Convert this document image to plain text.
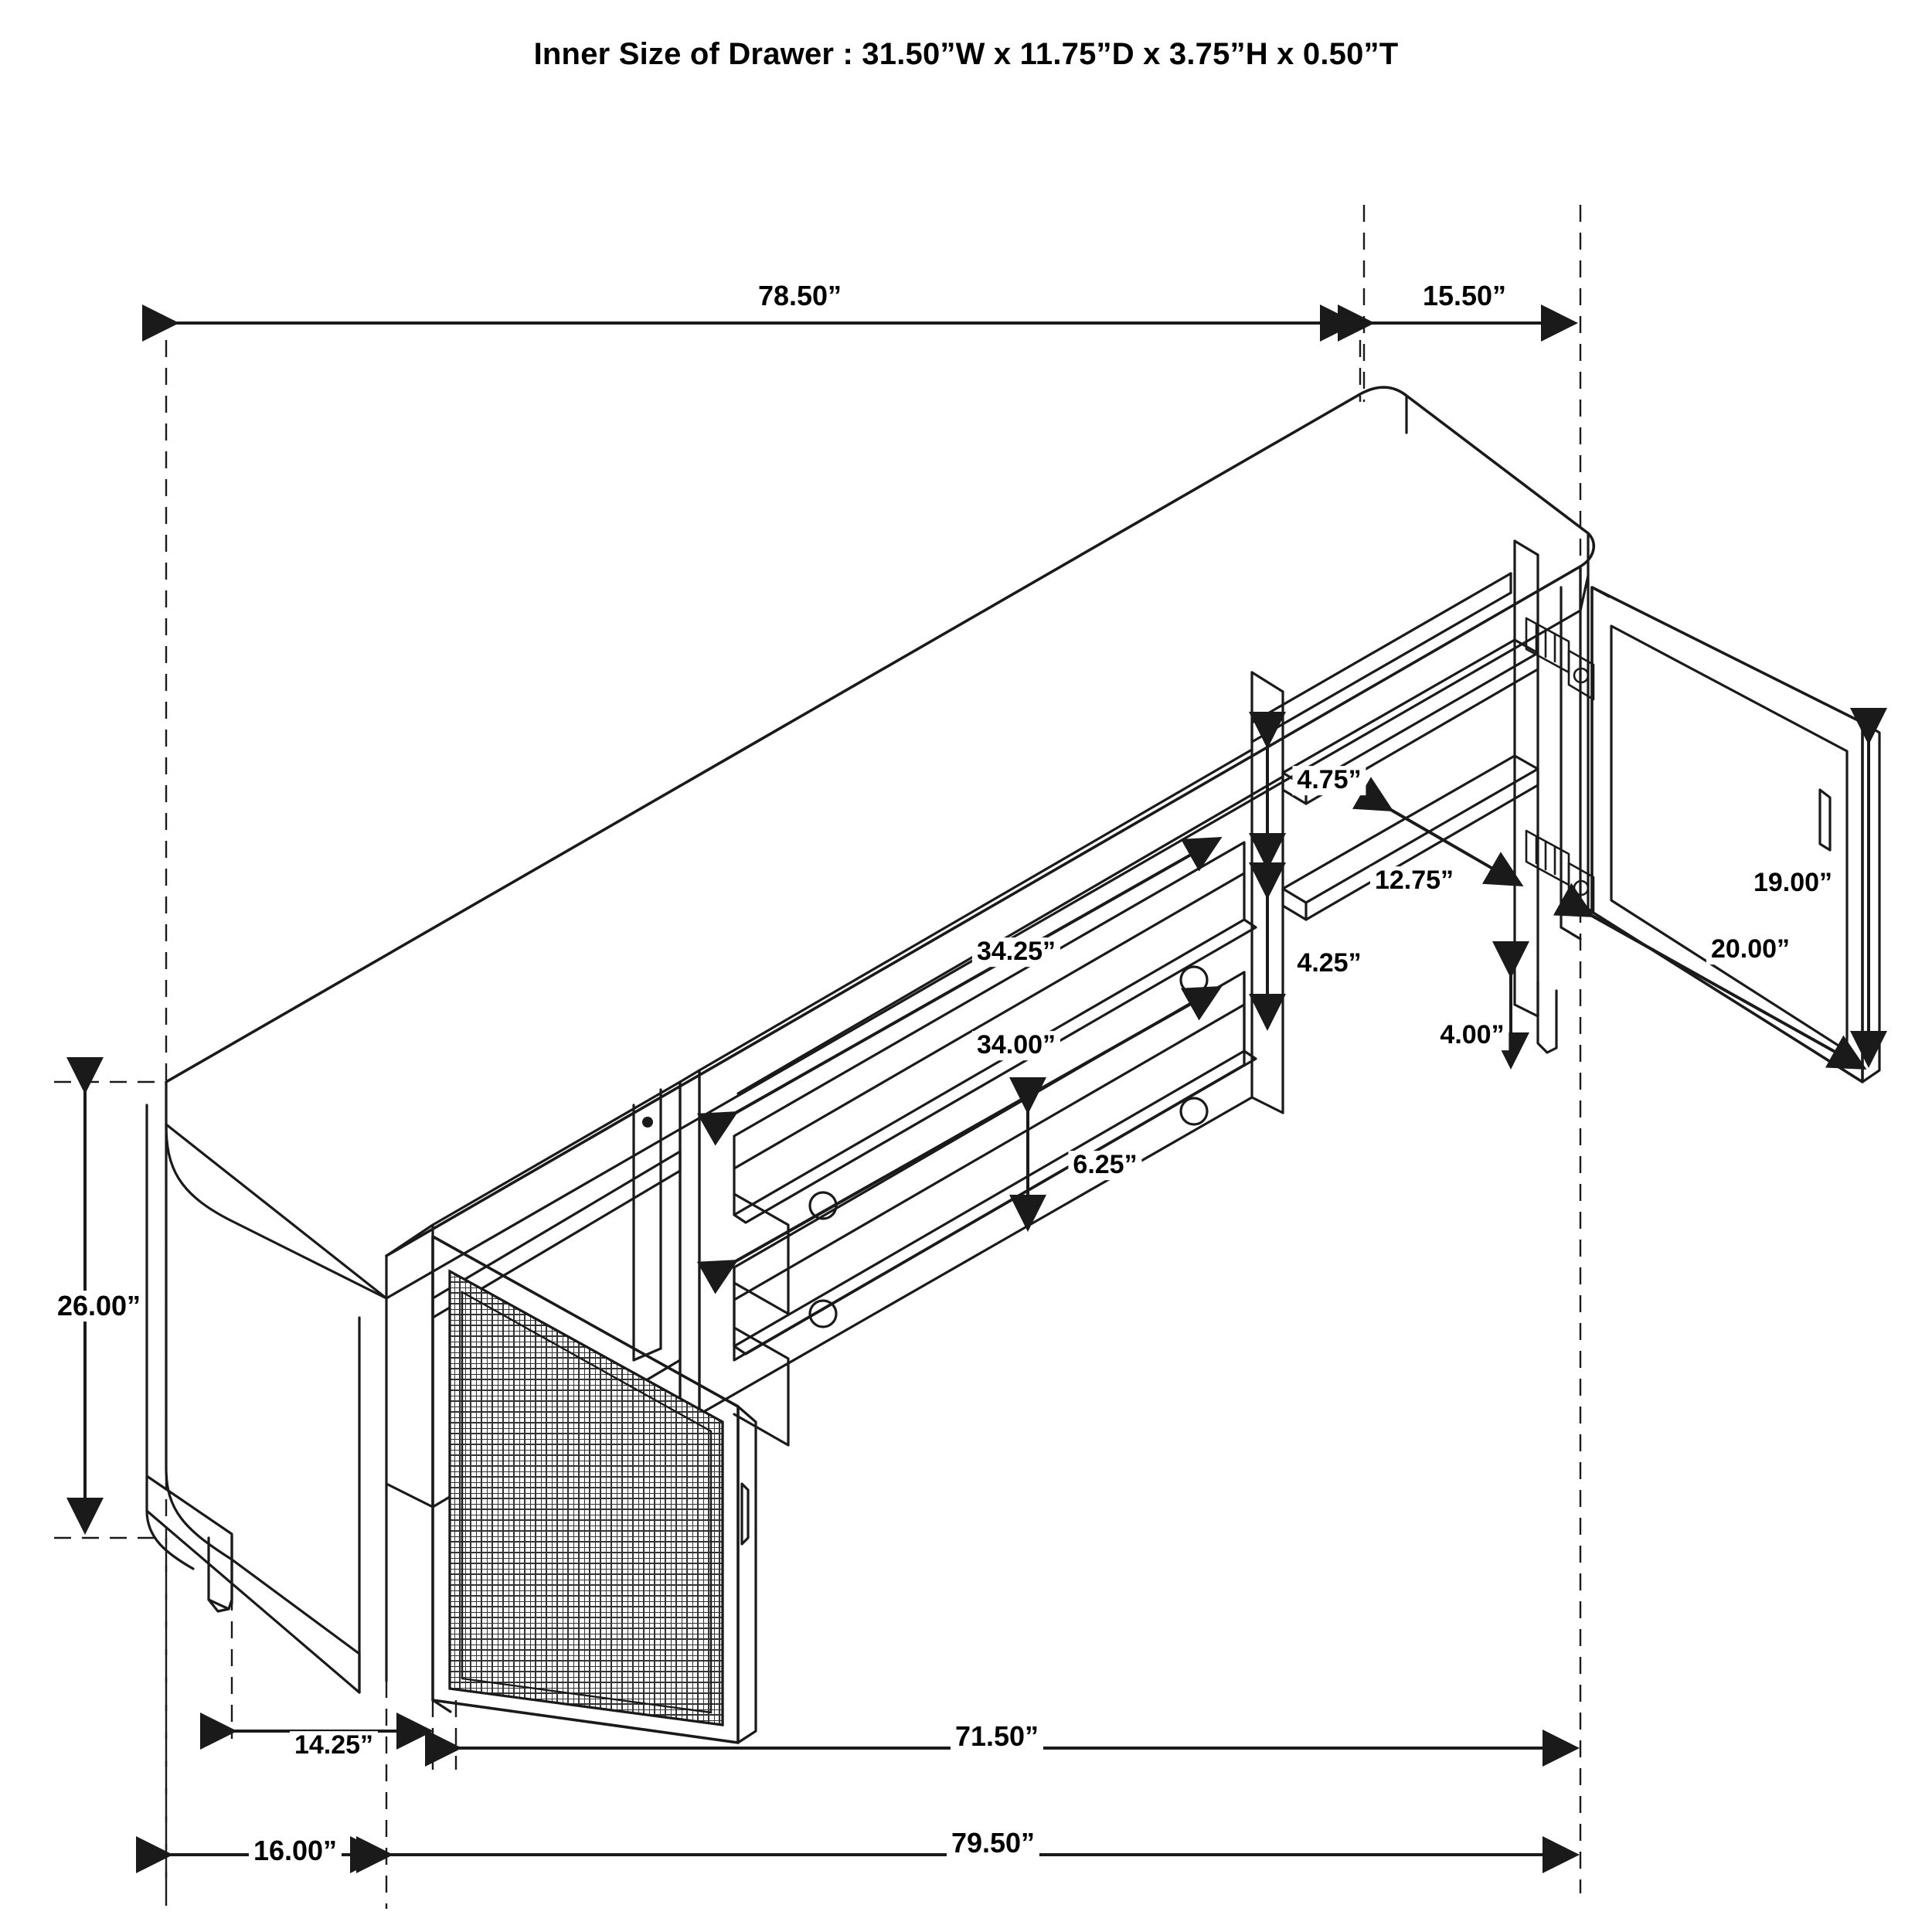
Inner Size of Drawer : 31.50”W x 11.75”D x 3.75”H x 0.50”T
78.50”	15.50”
4.75”
12.75”	19.00”
20.00”
34.25”	4.25”
4.00”
34.00”
6.25”
26.00”
14.25”	71.50”
16.00”	79.50”
